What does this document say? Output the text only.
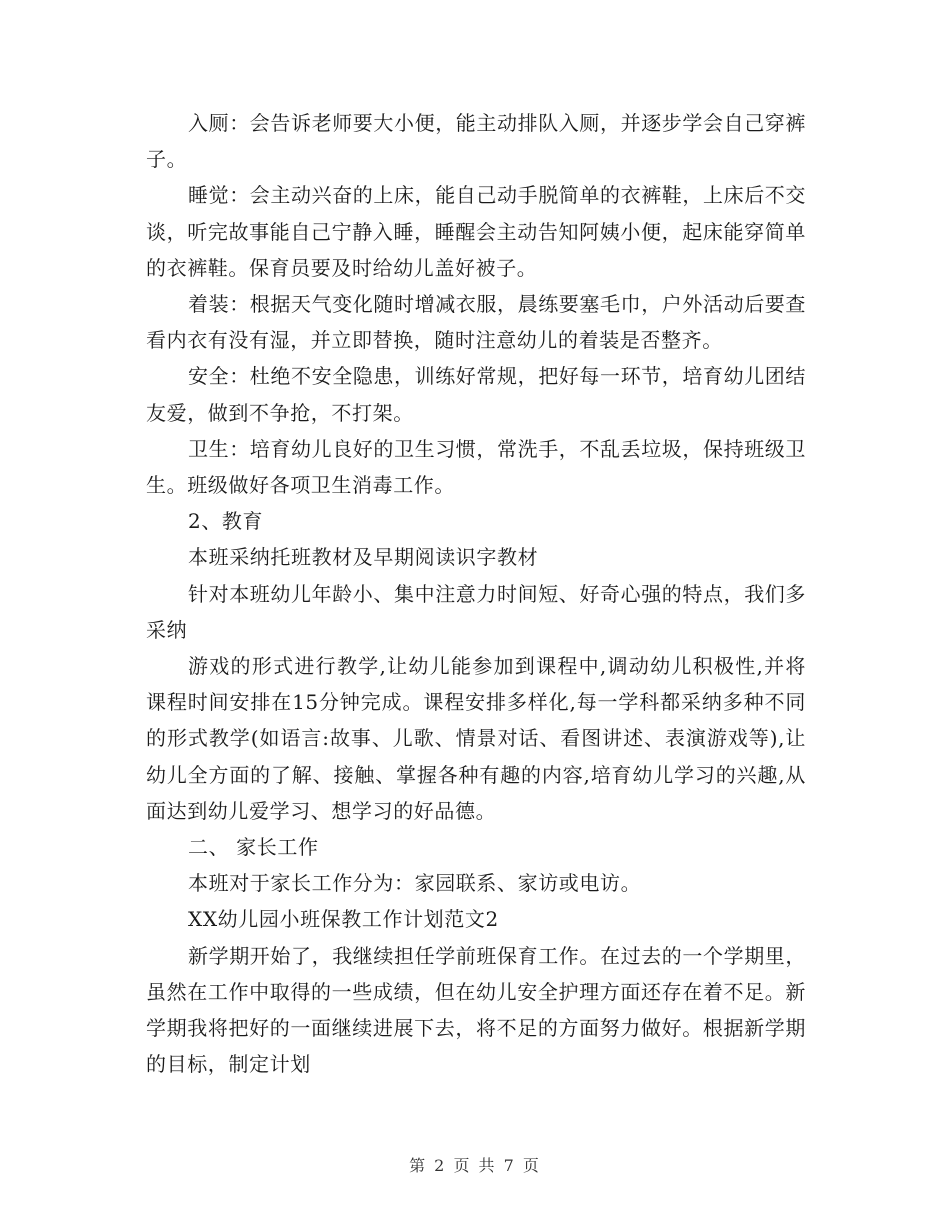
入厕：会告诉老师要大小便，能主动排队入厕，并逐步学会自己穿裤子。

睡觉：会主动兴奋的上床，能自己动手脱简单的衣裤鞋，上床后不交谈，听完故事能自己宁静入睡，睡醒会主动告知阿姨小便，起床能穿简单的衣裤鞋。保育员要及时给幼儿盖好被子。

着装：根据天气变化随时增减衣服，晨练要塞毛巾，户外活动后要查看内衣有没有湿，并立即替换，随时注意幼儿的着装是否整齐。

安全：杜绝不安全隐患，训练好常规，把好每一环节，培育幼儿团结友爱，做到不争抢，不打架。

卫生：培育幼儿良好的卫生习惯，常洗手，不乱丢垃圾，保持班级卫生。班级做好各项卫生消毒工作。

2、教育

本班采纳托班教材及早期阅读识字教材

针对本班幼儿年龄小、集中注意力时间短、好奇心强的特点，我们多采纳

游戏的形式进行教学,让幼儿能参加到课程中,调动幼儿积极性,并将课程时间安排在15分钟完成。课程安排多样化,每一学科都采纳多种不同的形式教学(如语言:故事、儿歌、情景对话、看图讲述、表演游戏等),让幼儿全方面的了解、接触、掌握各种有趣的内容,培育幼儿学习的兴趣,从面达到幼儿爱学习、想学习的好品德。

二、 家长工作

本班对于家长工作分为：家园联系、家访或电访。

XX幼儿园小班保教工作计划范文2

新学期开始了，我继续担任学前班保育工作。在过去的一个学期里，虽然在工作中取得的一些成绩，但在幼儿安全护理方面还存在着不足。新学期我将把好的一面继续进展下去，将不足的方面努力做好。根据新学期的目标，制定计划

第 2 页 共 7 页
